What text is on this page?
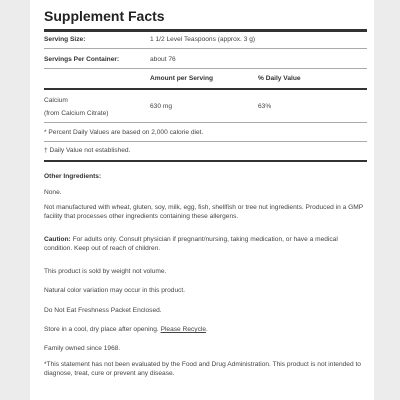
Supplement Facts
Serving Size:	1 1/2 Level Teaspoons (approx. 3 g)
Servings Per Container:	about 76
Amount per Serving	% Daily Value
Calcium
630 mg	63%
(from Calcium Citrate)
* Percent Daily Values are based on 2,000 calorie diet.
† Daily Value not established.
Other Ingredients:
None.
Not manufactured with wheat, gluten, soy, milk, egg, fish, shellfish or tree nut ingredients. Produced in a GMP facility that processes other ingredients containing these allergens.
Caution: For adults only. Consult physician if pregnant/nursing, taking medication, or have a medical condition. Keep out of reach of children.
This product is sold by weight not volume.
Natural color variation may occur in this product.
Do Not Eat Freshness Packet Enclosed.
Store in a cool, dry place after opening. Please Recycle.
Family owned since 1968.
*This statement has not been evaluated by the Food and Drug Administration. This product is not intended to diagnose, treat, cure or prevent any disease.
